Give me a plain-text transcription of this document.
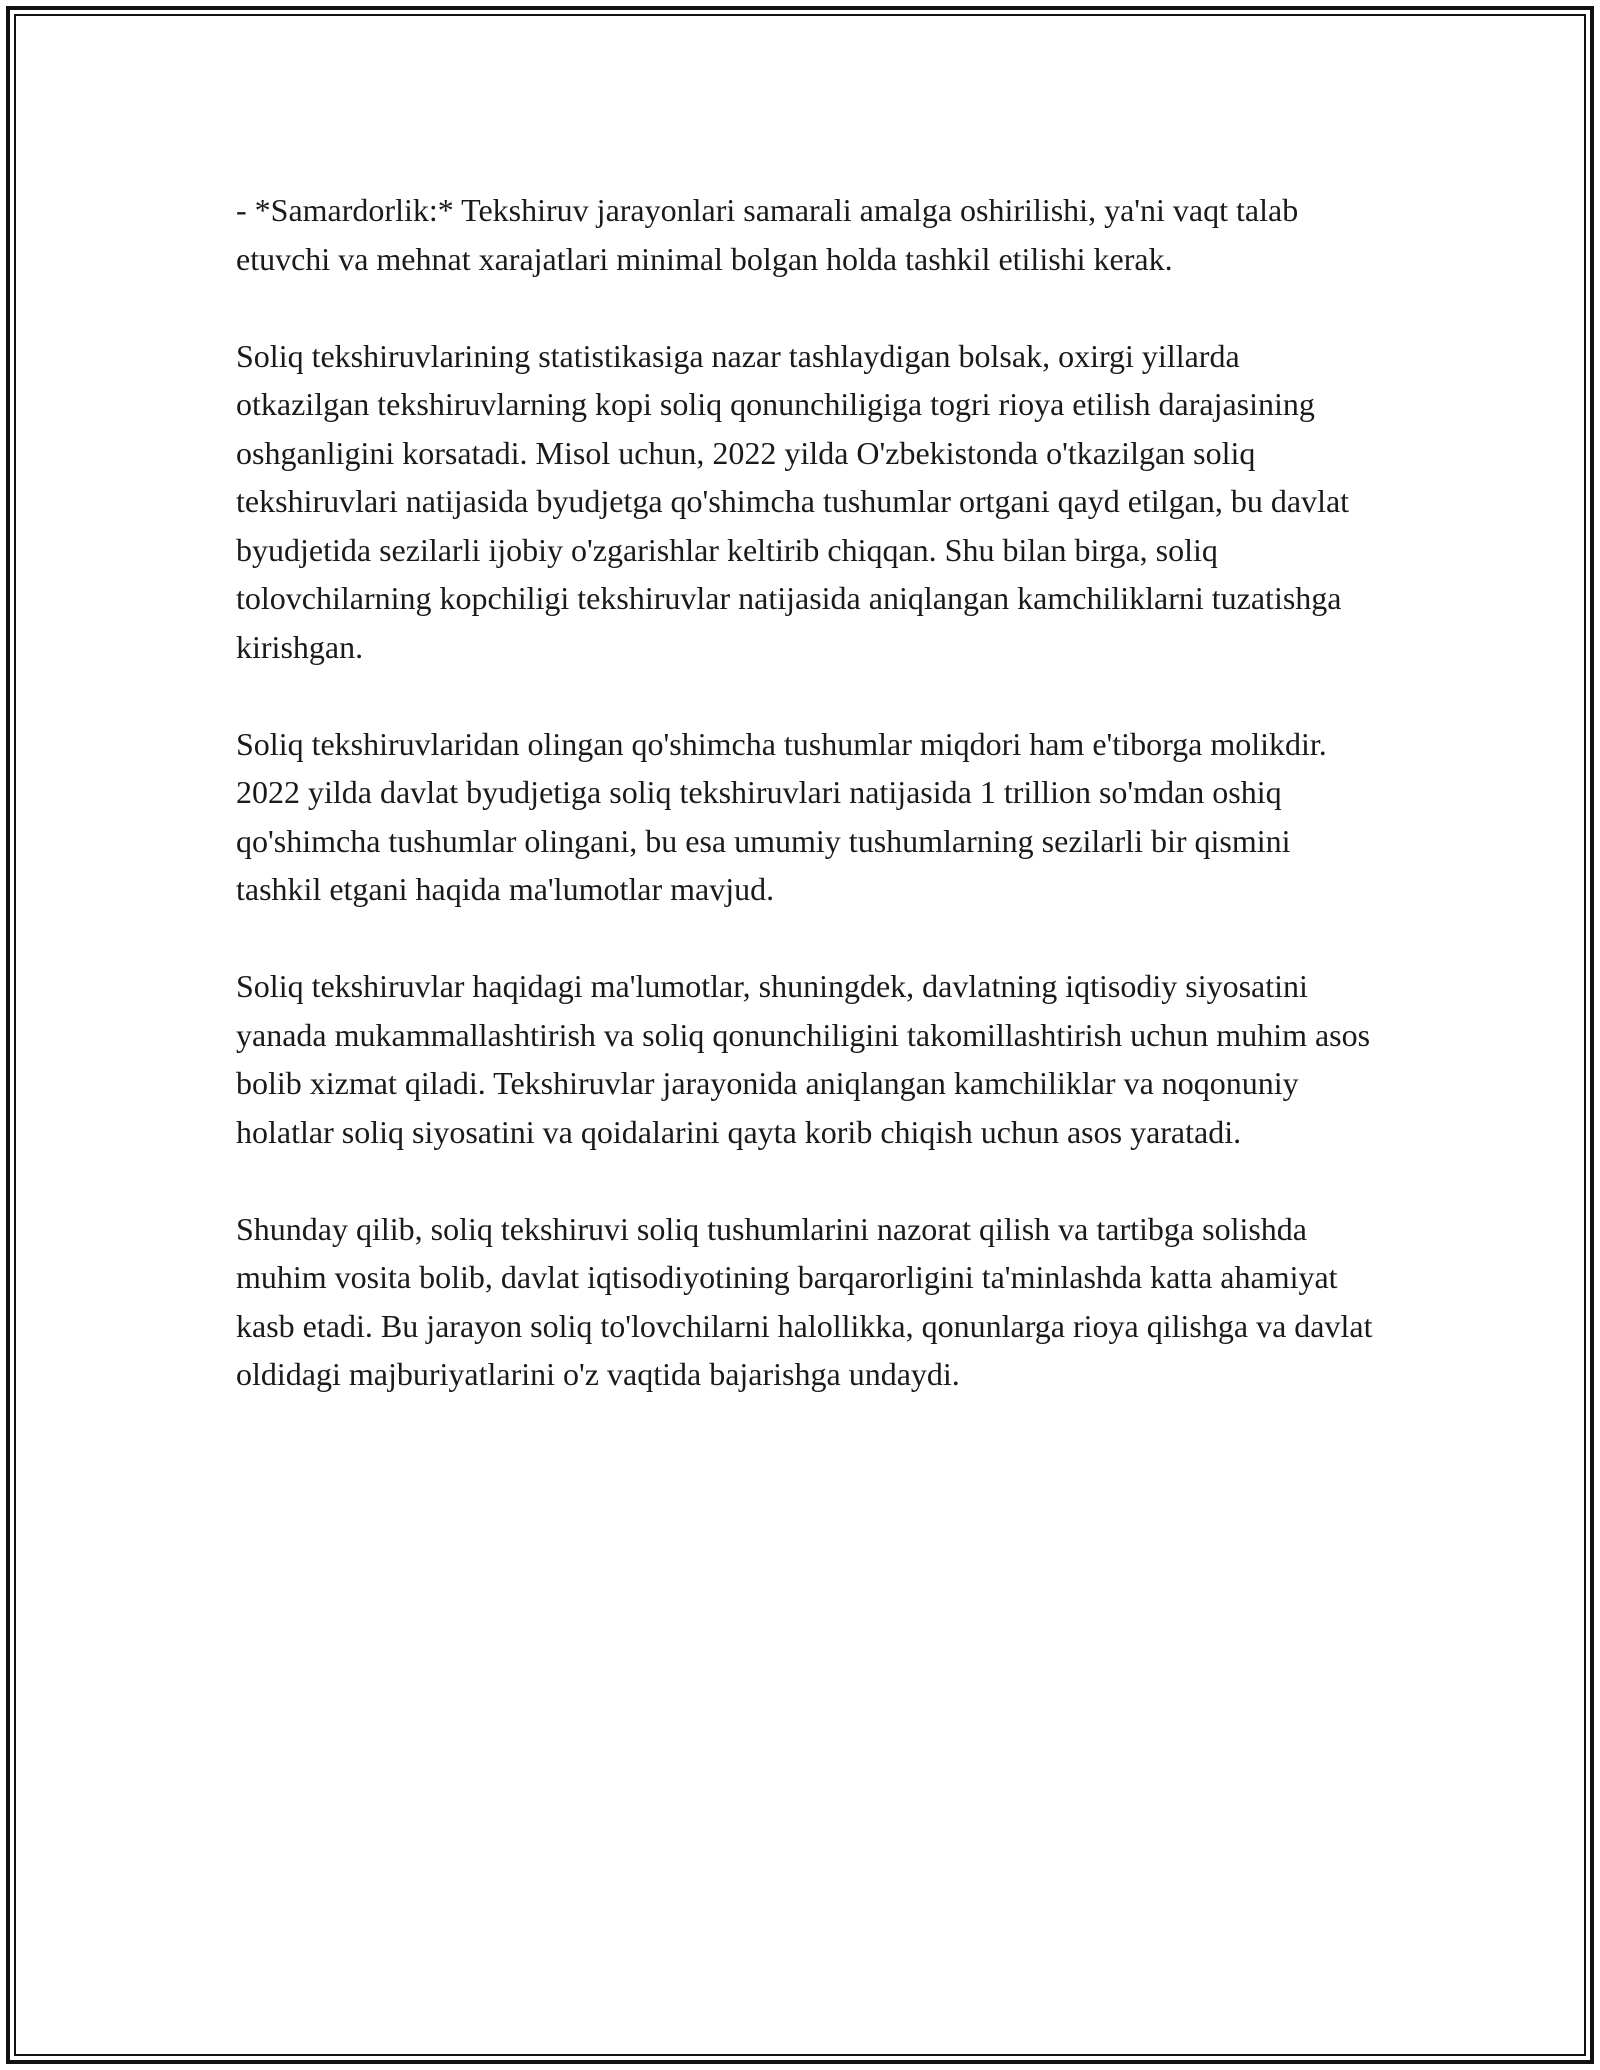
- *Samardorlik:* Tekshiruv jarayonlari samarali amalga oshirilishi, ya'ni vaqt talab etuvchi va mehnat xarajatlari minimal bolgan holda tashkil etilishi kerak.

Soliq tekshiruvlarining statistikasiga nazar tashlaydigan bolsak, oxirgi yillarda otkazilgan tekshiruvlarning kopi soliq qonunchiligiga togri rioya etilish darajasining oshganligini korsatadi. Misol uchun, 2022 yilda O'zbekistonda o'tkazilgan soliq tekshiruvlari natijasida byudjetga qo'shimcha tushumlar ortgani qayd etilgan, bu davlat byudjetida sezilarli ijobiy o'zgarishlar keltirib chiqqan. Shu bilan birga, soliq tolovchilarning kopchiligi tekshiruvlar natijasida aniqlangan kamchiliklarni tuzatishga kirishgan.

Soliq tekshiruvlaridan olingan qo'shimcha tushumlar miqdori ham e'tiborga molikdir. 2022 yilda davlat byudjetiga soliq tekshiruvlari natijasida 1 trillion so'mdan oshiq qo'shimcha tushumlar olingani, bu esa umumiy tushumlarning sezilarli bir qismini tashkil etgani haqida ma'lumotlar mavjud.

Soliq tekshiruvlar haqidagi ma'lumotlar, shuningdek, davlatning iqtisodiy siyosatini yanada mukammallashtirish va soliq qonunchiligini takomillashtirish uchun muhim asos bolib xizmat qiladi. Tekshiruvlar jarayonida aniqlangan kamchiliklar va noqonuniy holatlar soliq siyosatini va qoidalarini qayta korib chiqish uchun asos yaratadi.

Shunday qilib, soliq tekshiruvi soliq tushumlarini nazorat qilish va tartibga solishda muhim vosita bolib, davlat iqtisodiyotining barqarorligini ta'minlashda katta ahamiyat kasb etadi. Bu jarayon soliq to'lovchilarni halollikka, qonunlarga rioya qilishga va davlat oldidagi majburiyatlarini o'z vaqtida bajarishga undaydi.
